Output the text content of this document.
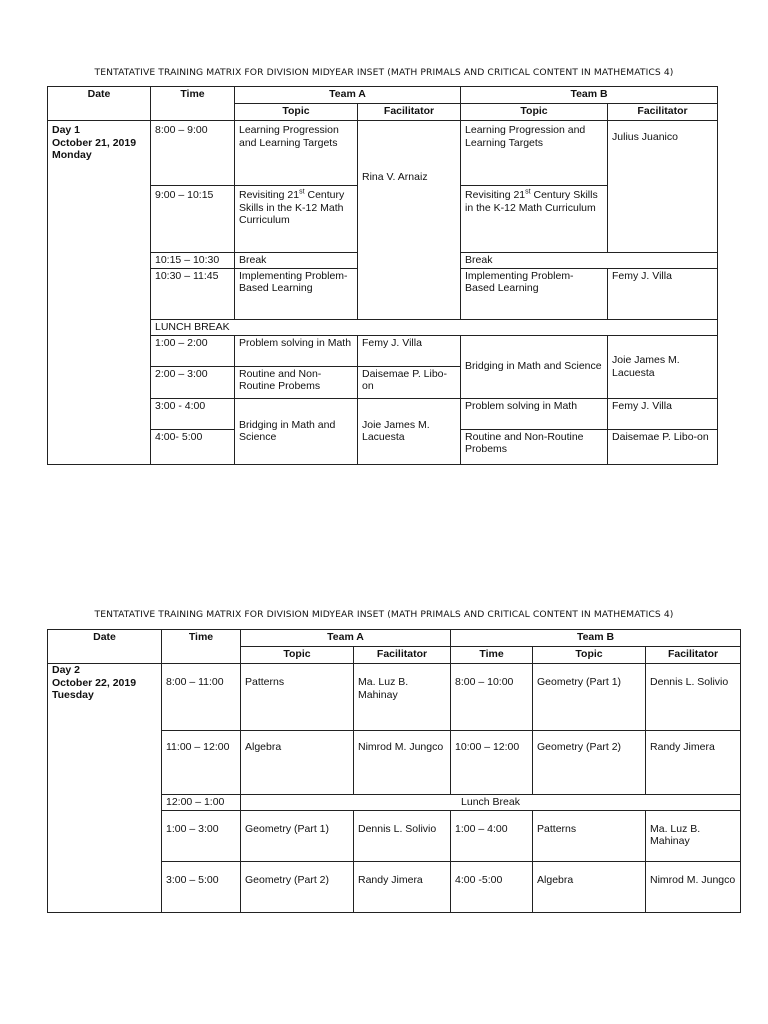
TENTATATIVE TRAINING MATRIX FOR DIVISION MIDYEAR INSET (MATH PRIMALS AND CRITICAL CONTENT IN MATHEMATICS 4)
Date	Time	Team A		Team B	
		Topic	Facilitator	Topic	Facilitator

Day 1
October 21, 2019
Monday	8:00 – 9:00	Learning Progression and Learning Targets	Rina V. Arnaiz	Learning Progression and Learning Targets	Julius Juanico
	9:00 – 10:15	Revisiting 21st Century Skills in the K-12 Math Curriculum		Revisiting 21st Century Skills in the K-12 Math Curriculum	
	10:15 – 10:30	Break		Break	
	10:30 – 11:45	Implementing Problem-Based Learning		Implementing Problem-Based Learning	Femy J. Villa
	LUNCH BREAK				
	1:00 – 2:00	Problem solving in Math	Femy J. Villa	Bridging in Math and Science	Joie James M. Lacuesta
	2:00 – 3:00	Routine and Non-Routine Probems	Daisemae P. Libo-on		
	3:00 - 4:00	Bridging in Math and Science	Joie James M. Lacuesta	Problem solving in Math	Femy J. Villa
	4:00- 5:00			Routine and Non-Routine Probems	Daisemae P. Libo-on
TENTATATIVE TRAINING MATRIX FOR DIVISION MIDYEAR INSET (MATH PRIMALS AND CRITICAL CONTENT IN MATHEMATICS 4)
Date	Time	Team A		Team B		
		Topic	Facilitator	Time	Topic	Facilitator

Day 2
October 22, 2019
Tuesday	8:00 – 11:00	Patterns	Ma. Luz B. Mahinay	8:00 – 10:00	Geometry (Part 1)	Dennis L. Solivio
	11:00 – 12:00	Algebra	Nimrod M. Jungco	10:00 – 12:00	Geometry (Part 2)	Randy Jimera
	12:00 – 1:00	Lunch Break				
	1:00 – 3:00	Geometry (Part 1)	Dennis L. Solivio	1:00 – 4:00	Patterns	Ma. Luz B. Mahinay
	3:00 – 5:00	Geometry (Part 2)	Randy Jimera	4:00 -5:00	Algebra	Nimrod M. Jungco
